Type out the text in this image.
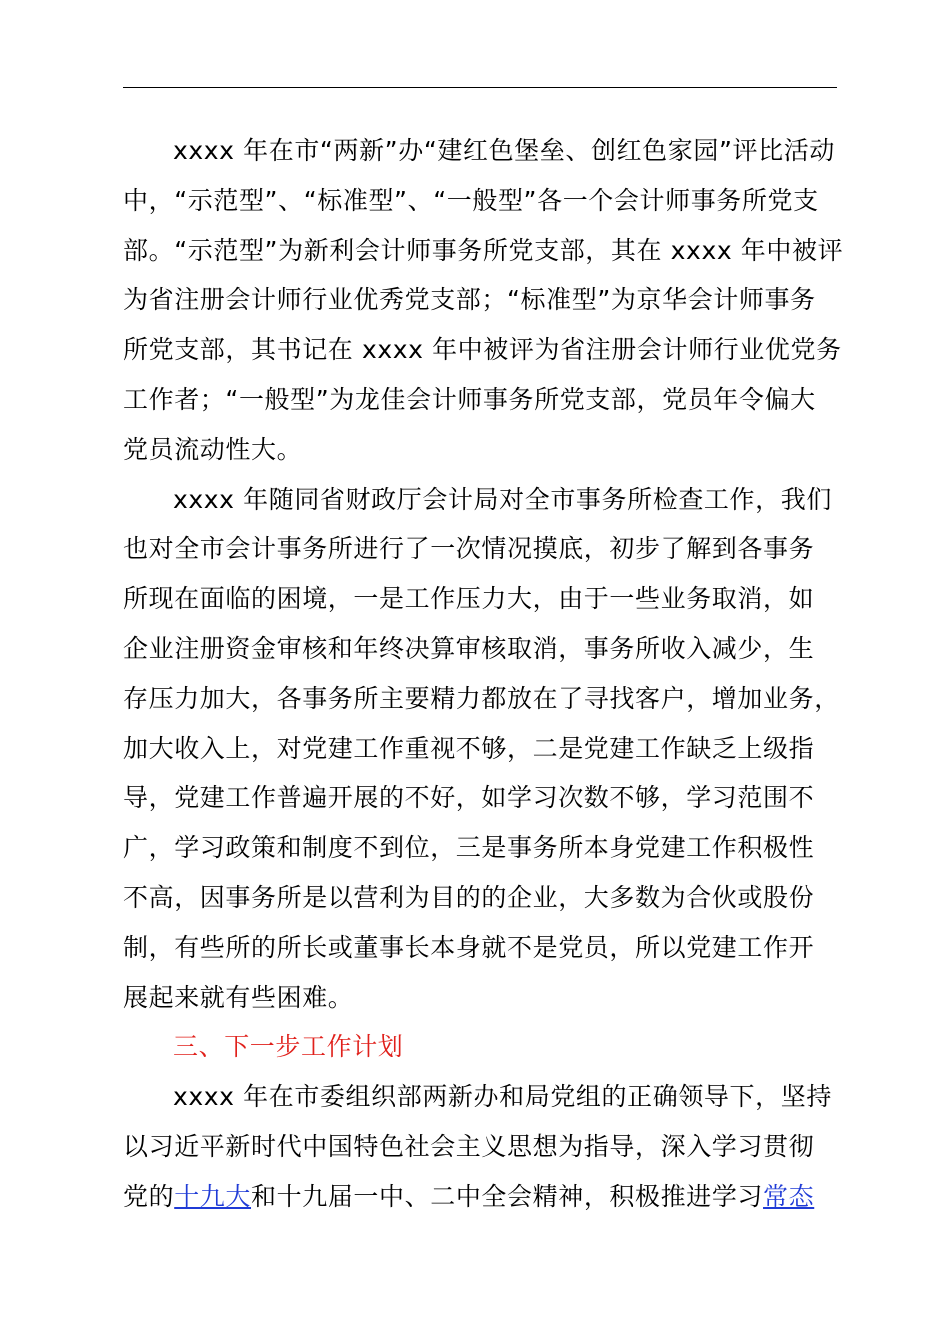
xxxx 年在市“两新”办“建红色堡垒、创红色家园”评比活动
中，“示范型”、“标准型”、“一般型”各一个会计师事务所党支
部。“示范型”为新利会计师事务所党支部，其在 xxxx 年中被评
为省注册会计师行业优秀党支部；“标准型”为京华会计师事务
所党支部，其书记在 xxxx 年中被评为省注册会计师行业优党务
工作者；“一般型”为龙佳会计师事务所党支部，党员年令偏大
党员流动性大。
xxxx 年随同省财政厅会计局对全市事务所检查工作，我们
也对全市会计事务所进行了一次情况摸底，初步了解到各事务
所现在面临的困境，一是工作压力大，由于一些业务取消，如
企业注册资金审核和年终决算审核取消，事务所收入减少，生
存压力加大，各事务所主要精力都放在了寻找客户，增加业务，
加大收入上，对党建工作重视不够，二是党建工作缺乏上级指
导，党建工作普遍开展的不好，如学习次数不够，学习范围不
广，学习政策和制度不到位，三是事务所本身党建工作积极性
不高，因事务所是以营利为目的的企业，大多数为合伙或股份
制，有些所的所长或董事长本身就不是党员，所以党建工作开
展起来就有些困难。
三、下一步工作计划
xxxx 年在市委组织部两新办和局党组的正确领导下，坚持
以习近平新时代中国特色社会主义思想为指导，深入学习贯彻
党的十九大和十九届一中、二中全会精神，积极推进学习常态
